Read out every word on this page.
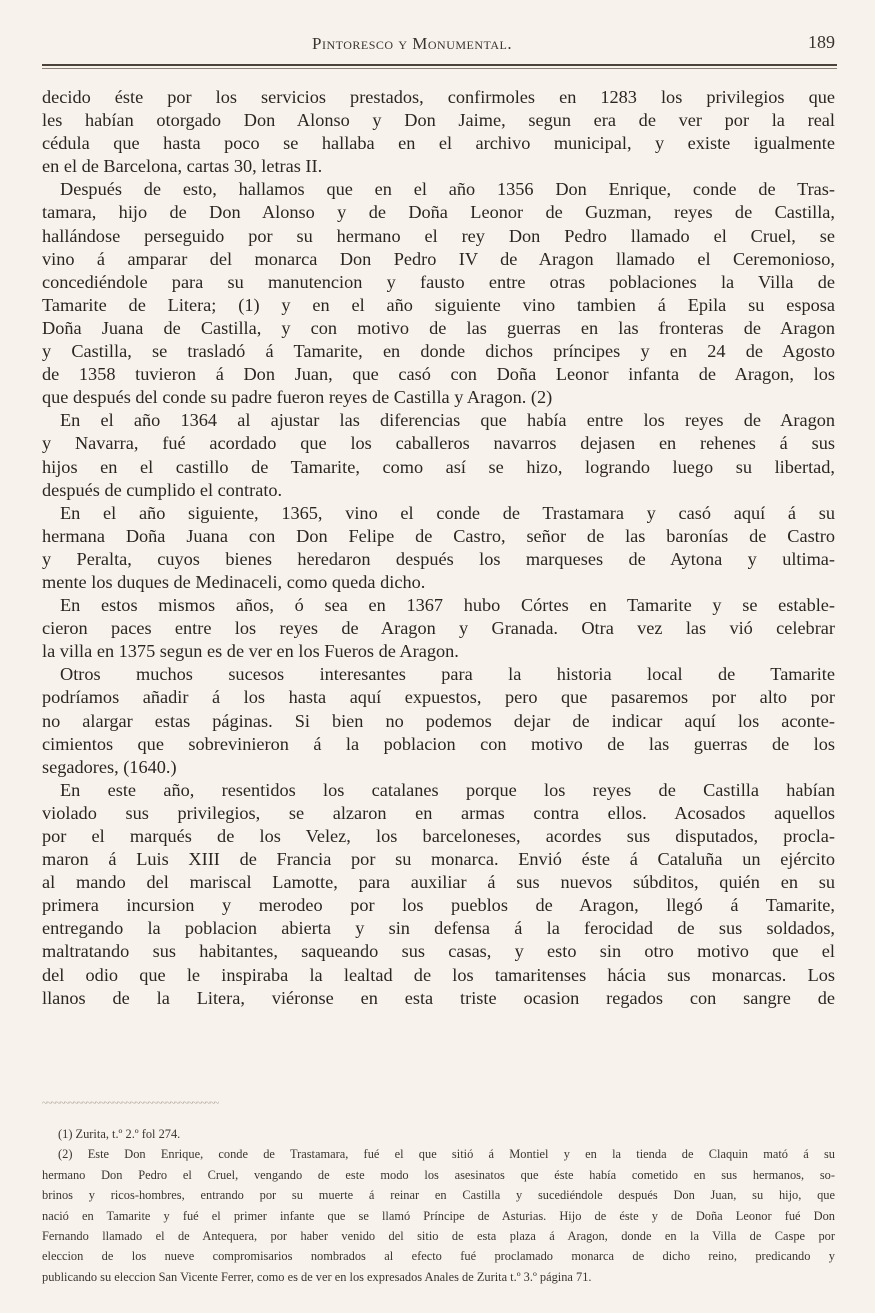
Pintoresco y Monumental.	189
decido éste por los servicios prestados, confirmoles en 1283 los privilegios que
les habían otorgado Don Alonso y Don Jaime, segun era de ver por la real
cédula que hasta poco se hallaba en el archivo municipal, y existe igualmente
en el de Barcelona, cartas 30, letras II.
Después de esto, hallamos que en el año 1356 Don Enrique, conde de Tras-
tamara, hijo de Don Alonso y de Doña Leonor de Guzman, reyes de Castilla,
hallándose perseguido por su hermano el rey Don Pedro llamado el Cruel, se
vino á amparar del monarca Don Pedro IV de Aragon llamado el Ceremonioso,
concediéndole para su manutencion y fausto entre otras poblaciones la Villa de
Tamarite de Litera; (1) y en el año siguiente vino tambien á Epila su esposa
Doña Juana de Castilla, y con motivo de las guerras en las fronteras de Aragon
y Castilla, se trasladó á Tamarite, en donde dichos príncipes y en 24 de Agosto
de 1358 tuvieron á Don Juan, que casó con Doña Leonor infanta de Aragon, los
que después del conde su padre fueron reyes de Castilla y Aragon. (2)
En el año 1364 al ajustar las diferencias que había entre los reyes de Aragon
y Navarra, fué acordado que los caballeros navarros dejasen en rehenes á sus
hijos en el castillo de Tamarite, como así se hizo, logrando luego su libertad,
después de cumplido el contrato.
En el año siguiente, 1365, vino el conde de Trastamara y casó aquí á su
hermana Doña Juana con Don Felipe de Castro, señor de las baronías de Castro
y Peralta, cuyos bienes heredaron después los marqueses de Aytona y ultima-
mente los duques de Medinaceli, como queda dicho.
En estos mismos años, ó sea en 1367 hubo Córtes en Tamarite y se estable-
cieron paces entre los reyes de Aragon y Granada. Otra vez las vió celebrar
la villa en 1375 segun es de ver en los Fueros de Aragon.
Otros muchos sucesos interesantes para la historia local de Tamarite
podríamos añadir á los hasta aquí expuestos, pero que pasaremos por alto por
no alargar estas páginas. Si bien no podemos dejar de indicar aquí los aconte-
cimientos que sobrevinieron á la poblacion con motivo de las guerras de los
segadores, (1640.)
En este año, resentidos los catalanes porque los reyes de Castilla habían
violado sus privilegios, se alzaron en armas contra ellos. Acosados aquellos
por el marqués de los Velez, los barceloneses, acordes sus disputados, procla-
maron á Luis XIII de Francia por su monarca. Envió éste á Cataluña un ejército
al mando del mariscal Lamotte, para auxiliar á sus nuevos súbditos, quién en su
primera incursion y merodeo por los pueblos de Aragon, llegó á Tamarite,
entregando la poblacion abierta y sin defensa á la ferocidad de sus soldados,
maltratando sus habitantes, saqueando sus casas, y esto sin otro motivo que el
del odio que le inspiraba la lealtad de los tamaritenses hácia sus monarcas. Los
llanos de la Litera, viéronse en esta triste ocasion regados con sangre de
~~~~~~~~~~~~~~~~~~~~~~~~~~~~~~~~~~~~~~~~
(1) Zurita, t.º 2.º fol 274.
(2) Este Don Enrique, conde de Trastamara, fué el que sitió á Montiel y en la tienda de Claquin mató á su
hermano Don Pedro el Cruel, vengando de este modo los asesinatos que éste había cometido en sus hermanos, so-
brinos y ricos-hombres, entrando por su muerte á reinar en Castilla y sucediéndole después Don Juan, su hijo, que
nació en Tamarite y fué el primer infante que se llamó Príncipe de Asturias. Hijo de éste y de Doña Leonor fué Don
Fernando llamado el de Antequera, por haber venido del sitio de esta plaza á Aragon, donde en la Villa de Caspe por
eleccion de los nueve compromisarios nombrados al efecto fué proclamado monarca de dicho reino, predicando y
publicando su eleccion San Vicente Ferrer, como es de ver en los expresados Anales de Zurita t.º 3.º página 71.
